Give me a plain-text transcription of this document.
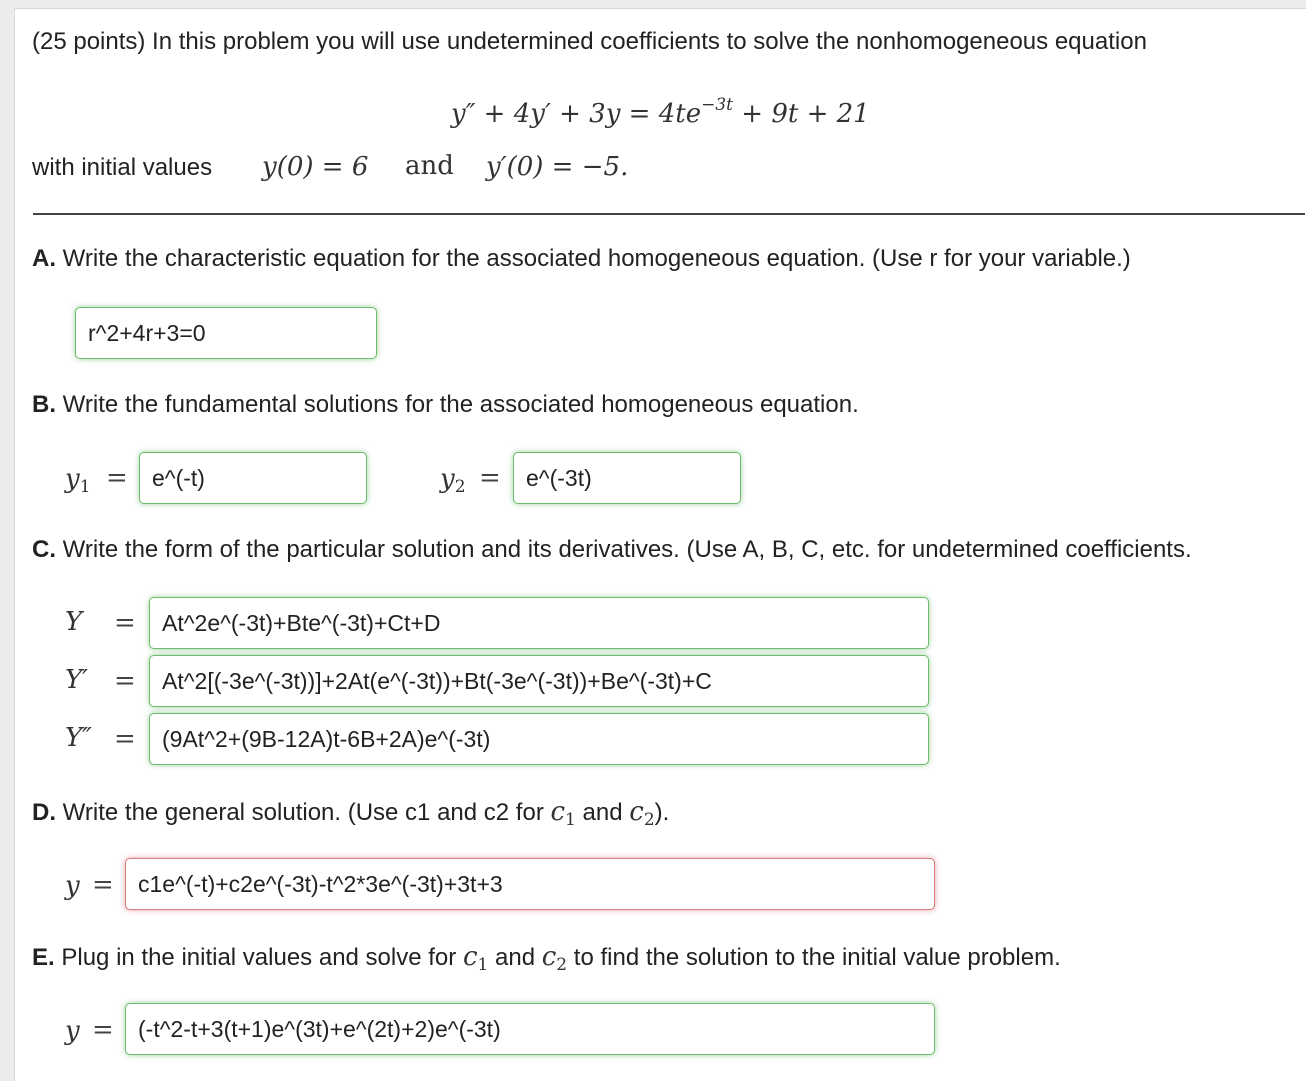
(25 points) In this problem you will use undetermined coefficients to solve the nonhomogeneous equation
$y'' + 4y' + 3y = 4te^{-3t} + 9t + 21$
with initial values y(0) = 6 and y′(0) = −5.
A. Write the characteristic equation for the associated homogeneous equation. (Use r for your variable.)
r^2+4r+3=0
B. Write the fundamental solutions for the associated homogeneous equation.
$y_1$ =	e^(-t)	$y_2$ =	e^(-3t)
C. Write the form of the particular solution and its derivatives. (Use A, B, C, etc. for undetermined coefficients.
Y =	At^2e^(-3t)+Bte^(-3t)+Ct+D
Y′ =	At^2[(-3e^(-3t))]+2At(e^(-3t))+Bt(-3e^(-3t))+Be^(-3t)+C
Y″ =	(9At^2+(9B-12A)t-6B+2A)e^(-3t)
D. Write the general solution. (Use c1 and c2 for $c_1$ and $c_2$).
y =	c1e^(-t)+c2e^(-3t)-t^2*3e^(-3t)+3t+3
E. Plug in the initial values and solve for $c_1$ and $c_2$ to find the solution to the initial value problem.
y =	(-t^2-t+3(t+1)e^(3t)+e^(2t)+2)e^(-3t)
